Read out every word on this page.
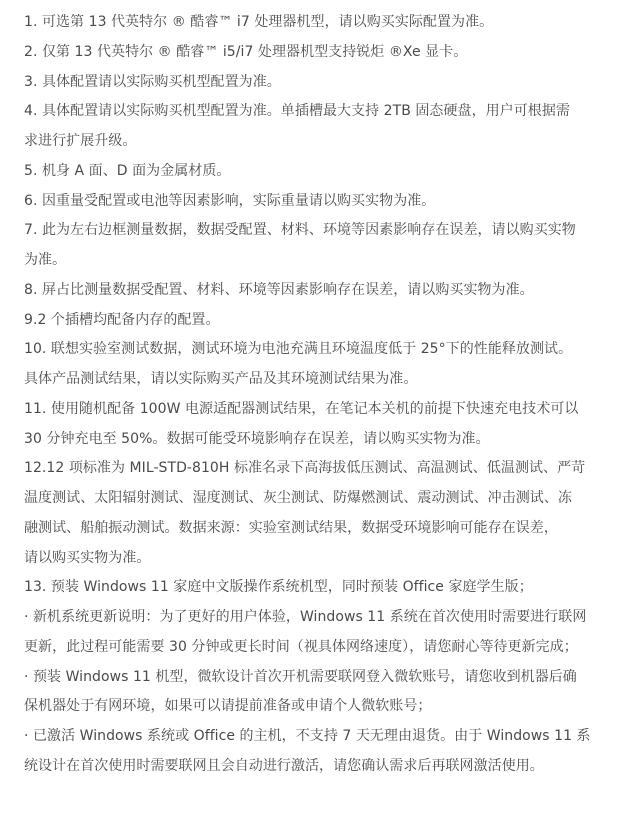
1. 可选第 13 代英特尔 ® 酷睿™ i7 处理器机型，请以购买实际配置为准。
2. 仅第 13 代英特尔 ® 酷睿™ i5/i7 处理器机型支持锐炬 ®Xe 显卡。
3. 具体配置请以实际购买机型配置为准。
4. 具体配置请以实际购买机型配置为准。单插槽最大支持 2TB 固态硬盘，用户可根据需
求进行扩展升级。
5. 机身 A 面、D 面为金属材质。
6. 因重量受配置或电池等因素影响，实际重量请以购买实物为准。
7. 此为左右边框测量数据，数据受配置、材料、环境等因素影响存在误差，请以购买实物
为准。
8. 屏占比测量数据受配置、材料、环境等因素影响存在误差，请以购买实物为准。
9.2 个插槽均配备内存的配置。
10. 联想实验室测试数据，测试环境为电池充满且环境温度低于 25°下的性能释放测试。
具体产品测试结果，请以实际购买产品及其环境测试结果为准。
11. 使用随机配备 100W 电源适配器测试结果，在笔记本关机的前提下快速充电技术可以
30 分钟充电至 50%。数据可能受环境影响存在误差，请以购买实物为准。
12.12 项标准为 MIL-STD-810H 标准名录下高海拔低压测试、高温测试、低温测试、严苛
温度测试、太阳辐射测试、湿度测试、灰尘测试、防爆燃测试、震动测试、冲击测试、冻
融测试、船舶振动测试。数据来源：实验室测试结果，数据受环境影响可能存在误差，
请以购买实物为准。
13. 预装 Windows 11 家庭中文版操作系统机型，同时预装 Office 家庭学生版；
· 新机系统更新说明：为了更好的用户体验，Windows 11 系统在首次使用时需要进行联网
更新，此过程可能需要 30 分钟或更长时间（视具体网络速度），请您耐心等待更新完成；
· 预装 Windows 11 机型，微软设计首次开机需要联网登入微软账号，请您收到机器后确
保机器处于有网环境，如果可以请提前准备或申请个人微软账号；
· 已激活 Windows 系统或 Office 的主机，不支持 7 天无理由退货。由于 Windows 11 系
统设计在首次使用时需要联网且会自动进行激活，请您确认需求后再联网激活使用。
